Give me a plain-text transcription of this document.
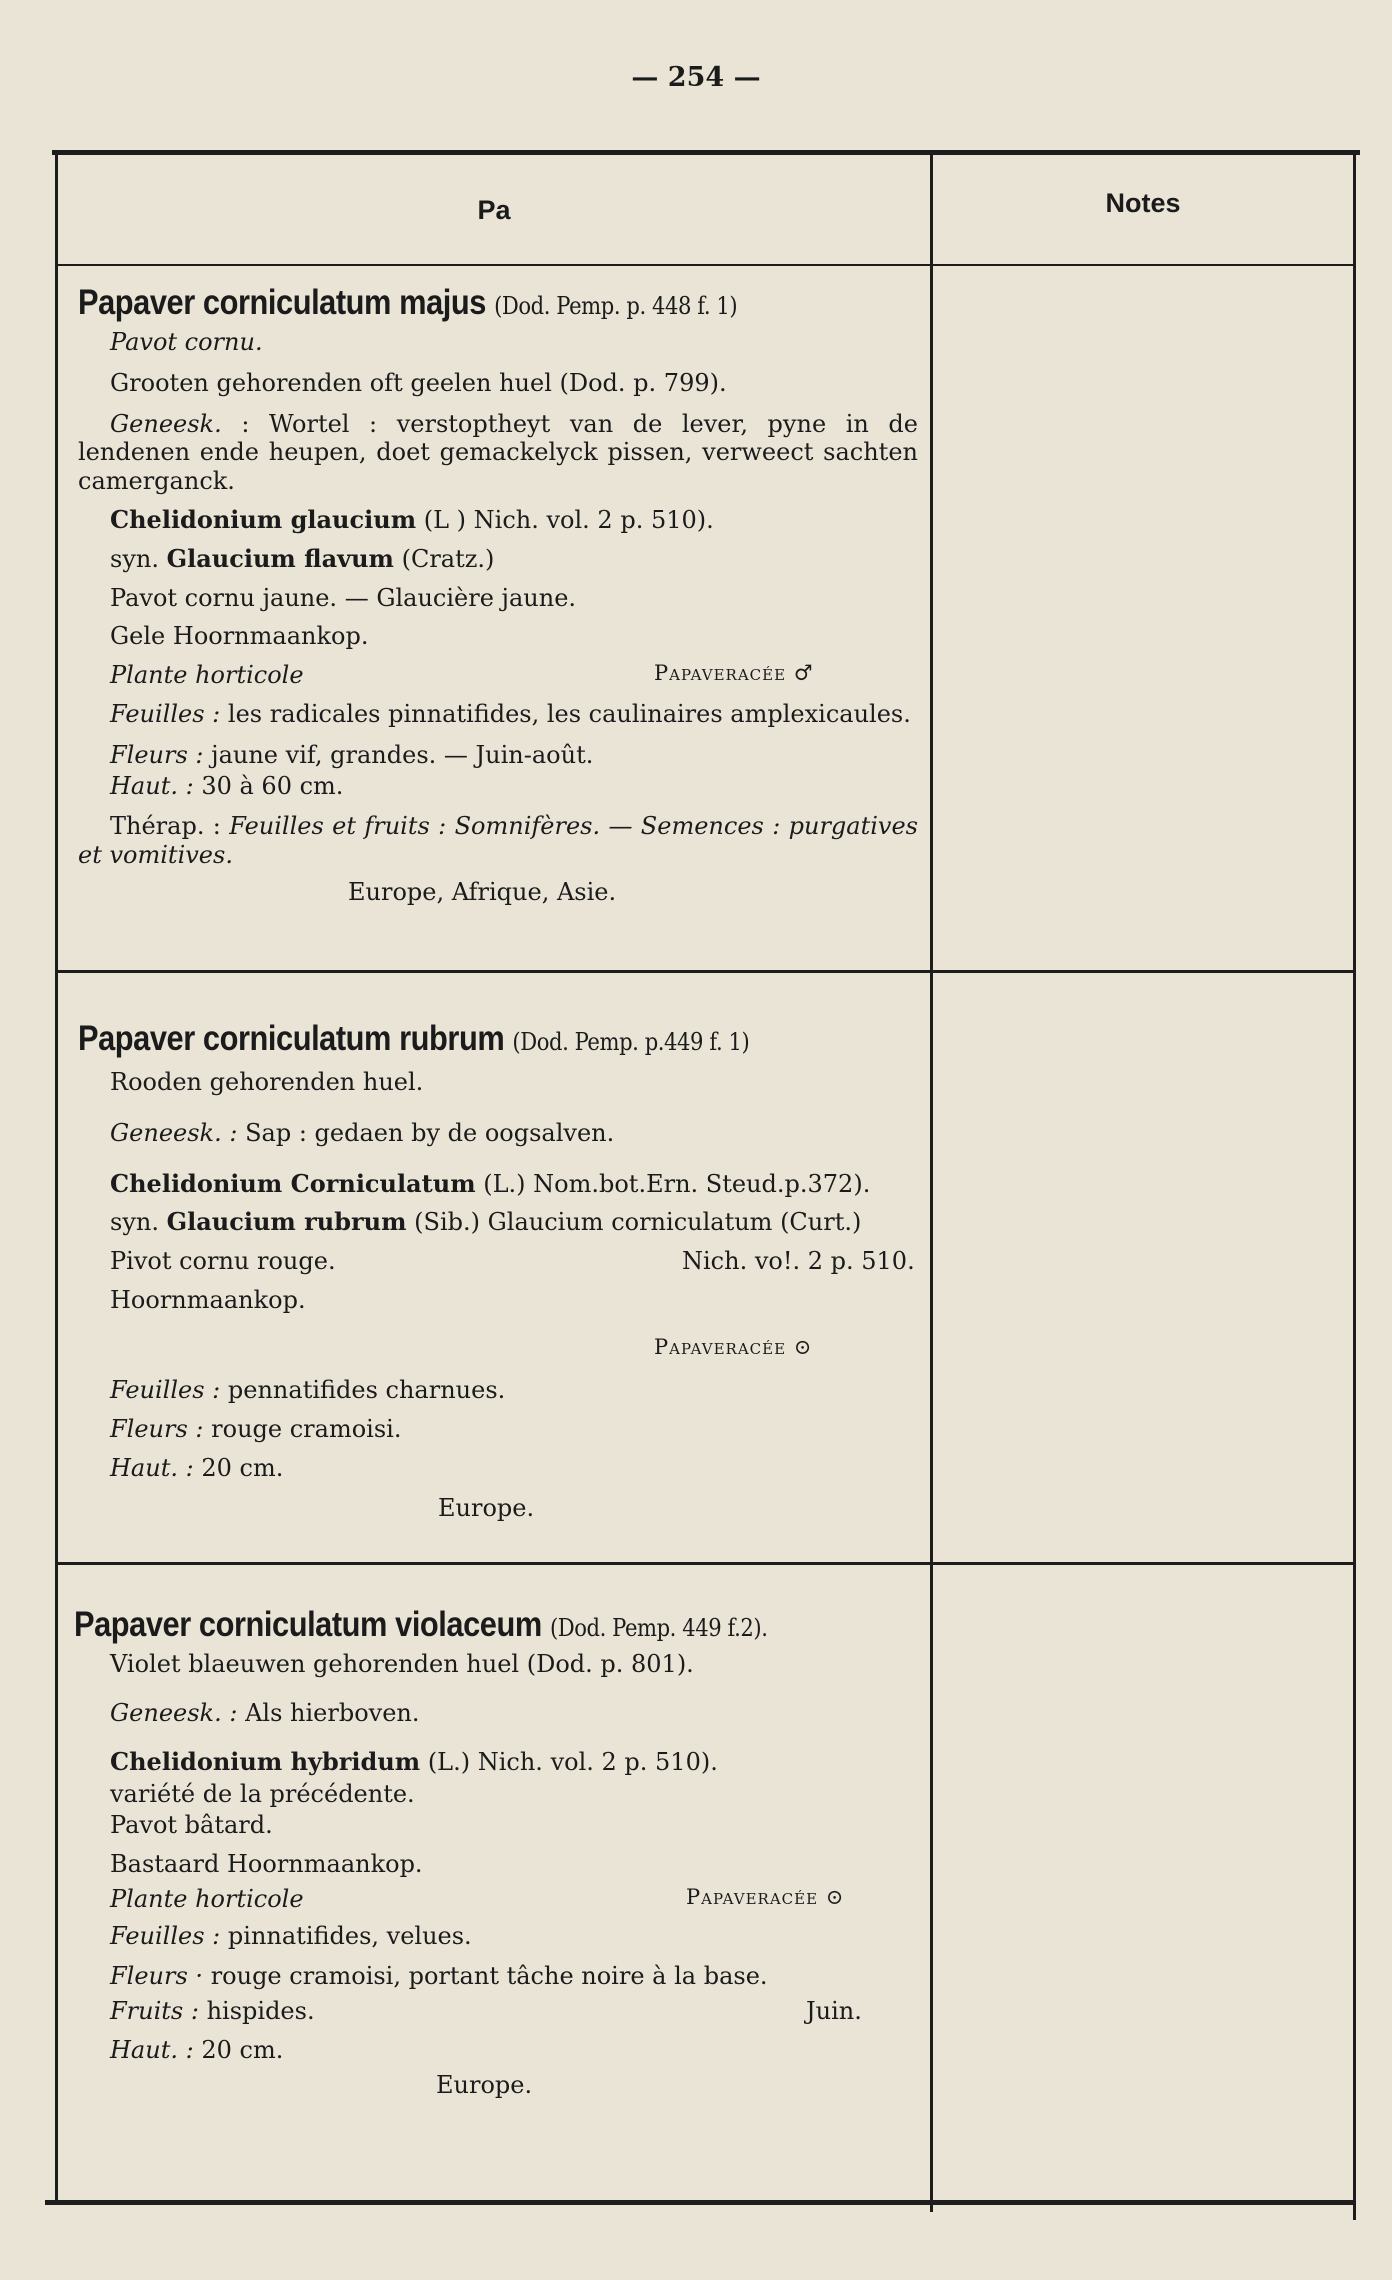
— 254 —
Pa	Notes
Papaver corniculatum majus (Dod. Pemp. p. 448 f. 1)
Pavot cornu.
Grooten gehorenden oft geelen huel (Dod. p. 799).
Geneesk. : Wortel : verstoptheyt van de lever, pyne in de lendenen ende heupen, doet gemackelyck pissen, verweect sachten camerganck.
Chelidonium glaucium (L ) Nich. vol. 2 p. 510).
syn. Glaucium flavum (Cratz.)
Pavot cornu jaune. — Glaucière jaune.
Gele Hoornmaankop.
Plante horticole	Papaveracée ♂
Feuilles : les radicales pinnatifides, les caulinaires amplexicaules.
Fleurs : jaune vif, grandes. — Juin-août.
Haut. : 30 à 60 cm.
Thérap. : Feuilles et fruits : Somnifères. — Semences : purgatives et vomitives.
Europe, Afrique, Asie.
Papaver corniculatum rubrum (Dod. Pemp. p.449 f. 1)
Rooden gehorenden huel.
Geneesk. : Sap : gedaen by de oogsalven.
Chelidonium Corniculatum (L.) Nom.bot.Ern. Steud.p.372).
syn. Glaucium rubrum (Sib.) Glaucium corniculatum (Curt.)
Pivot cornu rouge.	Nich. vo!. 2 p. 510.
Hoornmaankop.
Papaveracée ⊙
Feuilles : pennatifides charnues.
Fleurs : rouge cramoisi.
Haut. : 20 cm.
Europe.
Papaver corniculatum violaceum (Dod. Pemp. 449 f.2).
Violet blaeuwen gehorenden huel (Dod. p. 801).
Geneesk. : Als hierboven.
Chelidonium hybridum (L.) Nich. vol. 2 p. 510).
variété de la précédente.
Pavot bâtard.
Bastaard Hoornmaankop.
Plante horticole	Papaveracée ⊙
Feuilles : pinnatifides, velues.
Fleurs · rouge cramoisi, portant tâche noire à la base.
Fruits : hispides.	Juin.
Haut. : 20 cm.
Europe.
